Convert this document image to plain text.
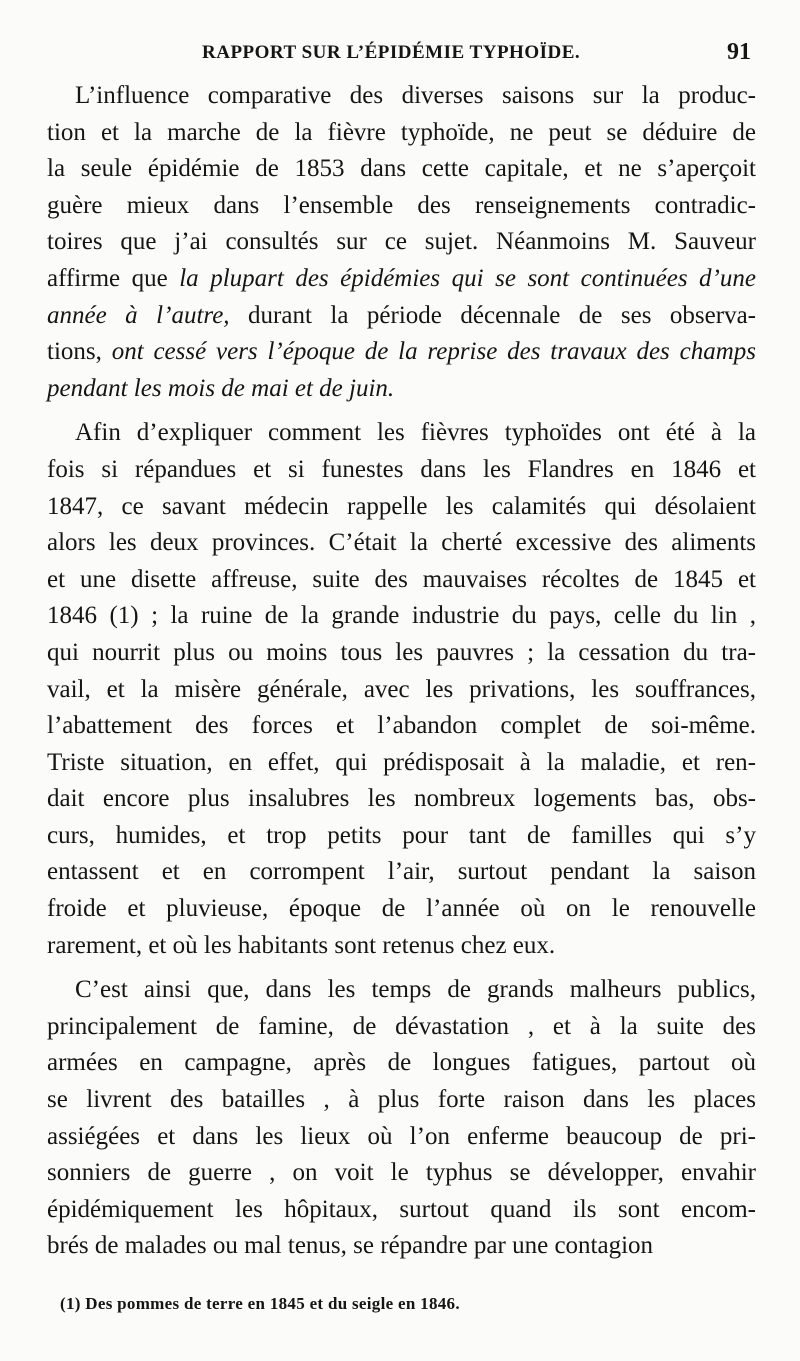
RAPPORT SUR L’ÉPIDÉMIE TYPHOÏDE.	91
L’influence comparative des diverses saisons sur la produc-
tion et la marche de la fièvre typhoïde, ne peut se déduire de
la seule épidémie de 1853 dans cette capitale, et ne s’aperçoit
guère mieux dans l’ensemble des renseignements contradic-
toires que j’ai consultés sur ce sujet. Néanmoins M. Sauveur
affirme que la plupart des épidémies qui se sont continuées d’une
année à l’autre, durant la période décennale de ses observa-
tions, ont cessé vers l’époque de la reprise des travaux des champs
pendant les mois de mai et de juin.
Afin d’expliquer comment les fièvres typhoïdes ont été à la
fois si répandues et si funestes dans les Flandres en 1846 et
1847, ce savant médecin rappelle les calamités qui désolaient
alors les deux provinces. C’était la cherté excessive des aliments
et une disette affreuse, suite des mauvaises récoltes de 1845 et
1846 (1) ; la ruine de la grande industrie du pays, celle du lin ,
qui nourrit plus ou moins tous les pauvres ; la cessation du tra-
vail, et la misère générale, avec les privations, les souffrances,
l’abattement des forces et l’abandon complet de soi-même.
Triste situation, en effet, qui prédisposait à la maladie, et ren-
dait encore plus insalubres les nombreux logements bas, obs-
curs, humides, et trop petits pour tant de familles qui s’y
entassent et en corrompent l’air, surtout pendant la saison
froide et pluvieuse, époque de l’année où on le renouvelle
rarement, et où les habitants sont retenus chez eux.
C’est ainsi que, dans les temps de grands malheurs publics,
principalement de famine, de dévastation , et à la suite des
armées en campagne, après de longues fatigues, partout où
se livrent des batailles , à plus forte raison dans les places
assiégées et dans les lieux où l’on enferme beaucoup de pri-
sonniers de guerre , on voit le typhus se développer, envahir
épidémiquement les hôpitaux, surtout quand ils sont encom-
brés de malades ou mal tenus, se répandre par une contagion
(1) Des pommes de terre en 1845 et du seigle en 1846.
